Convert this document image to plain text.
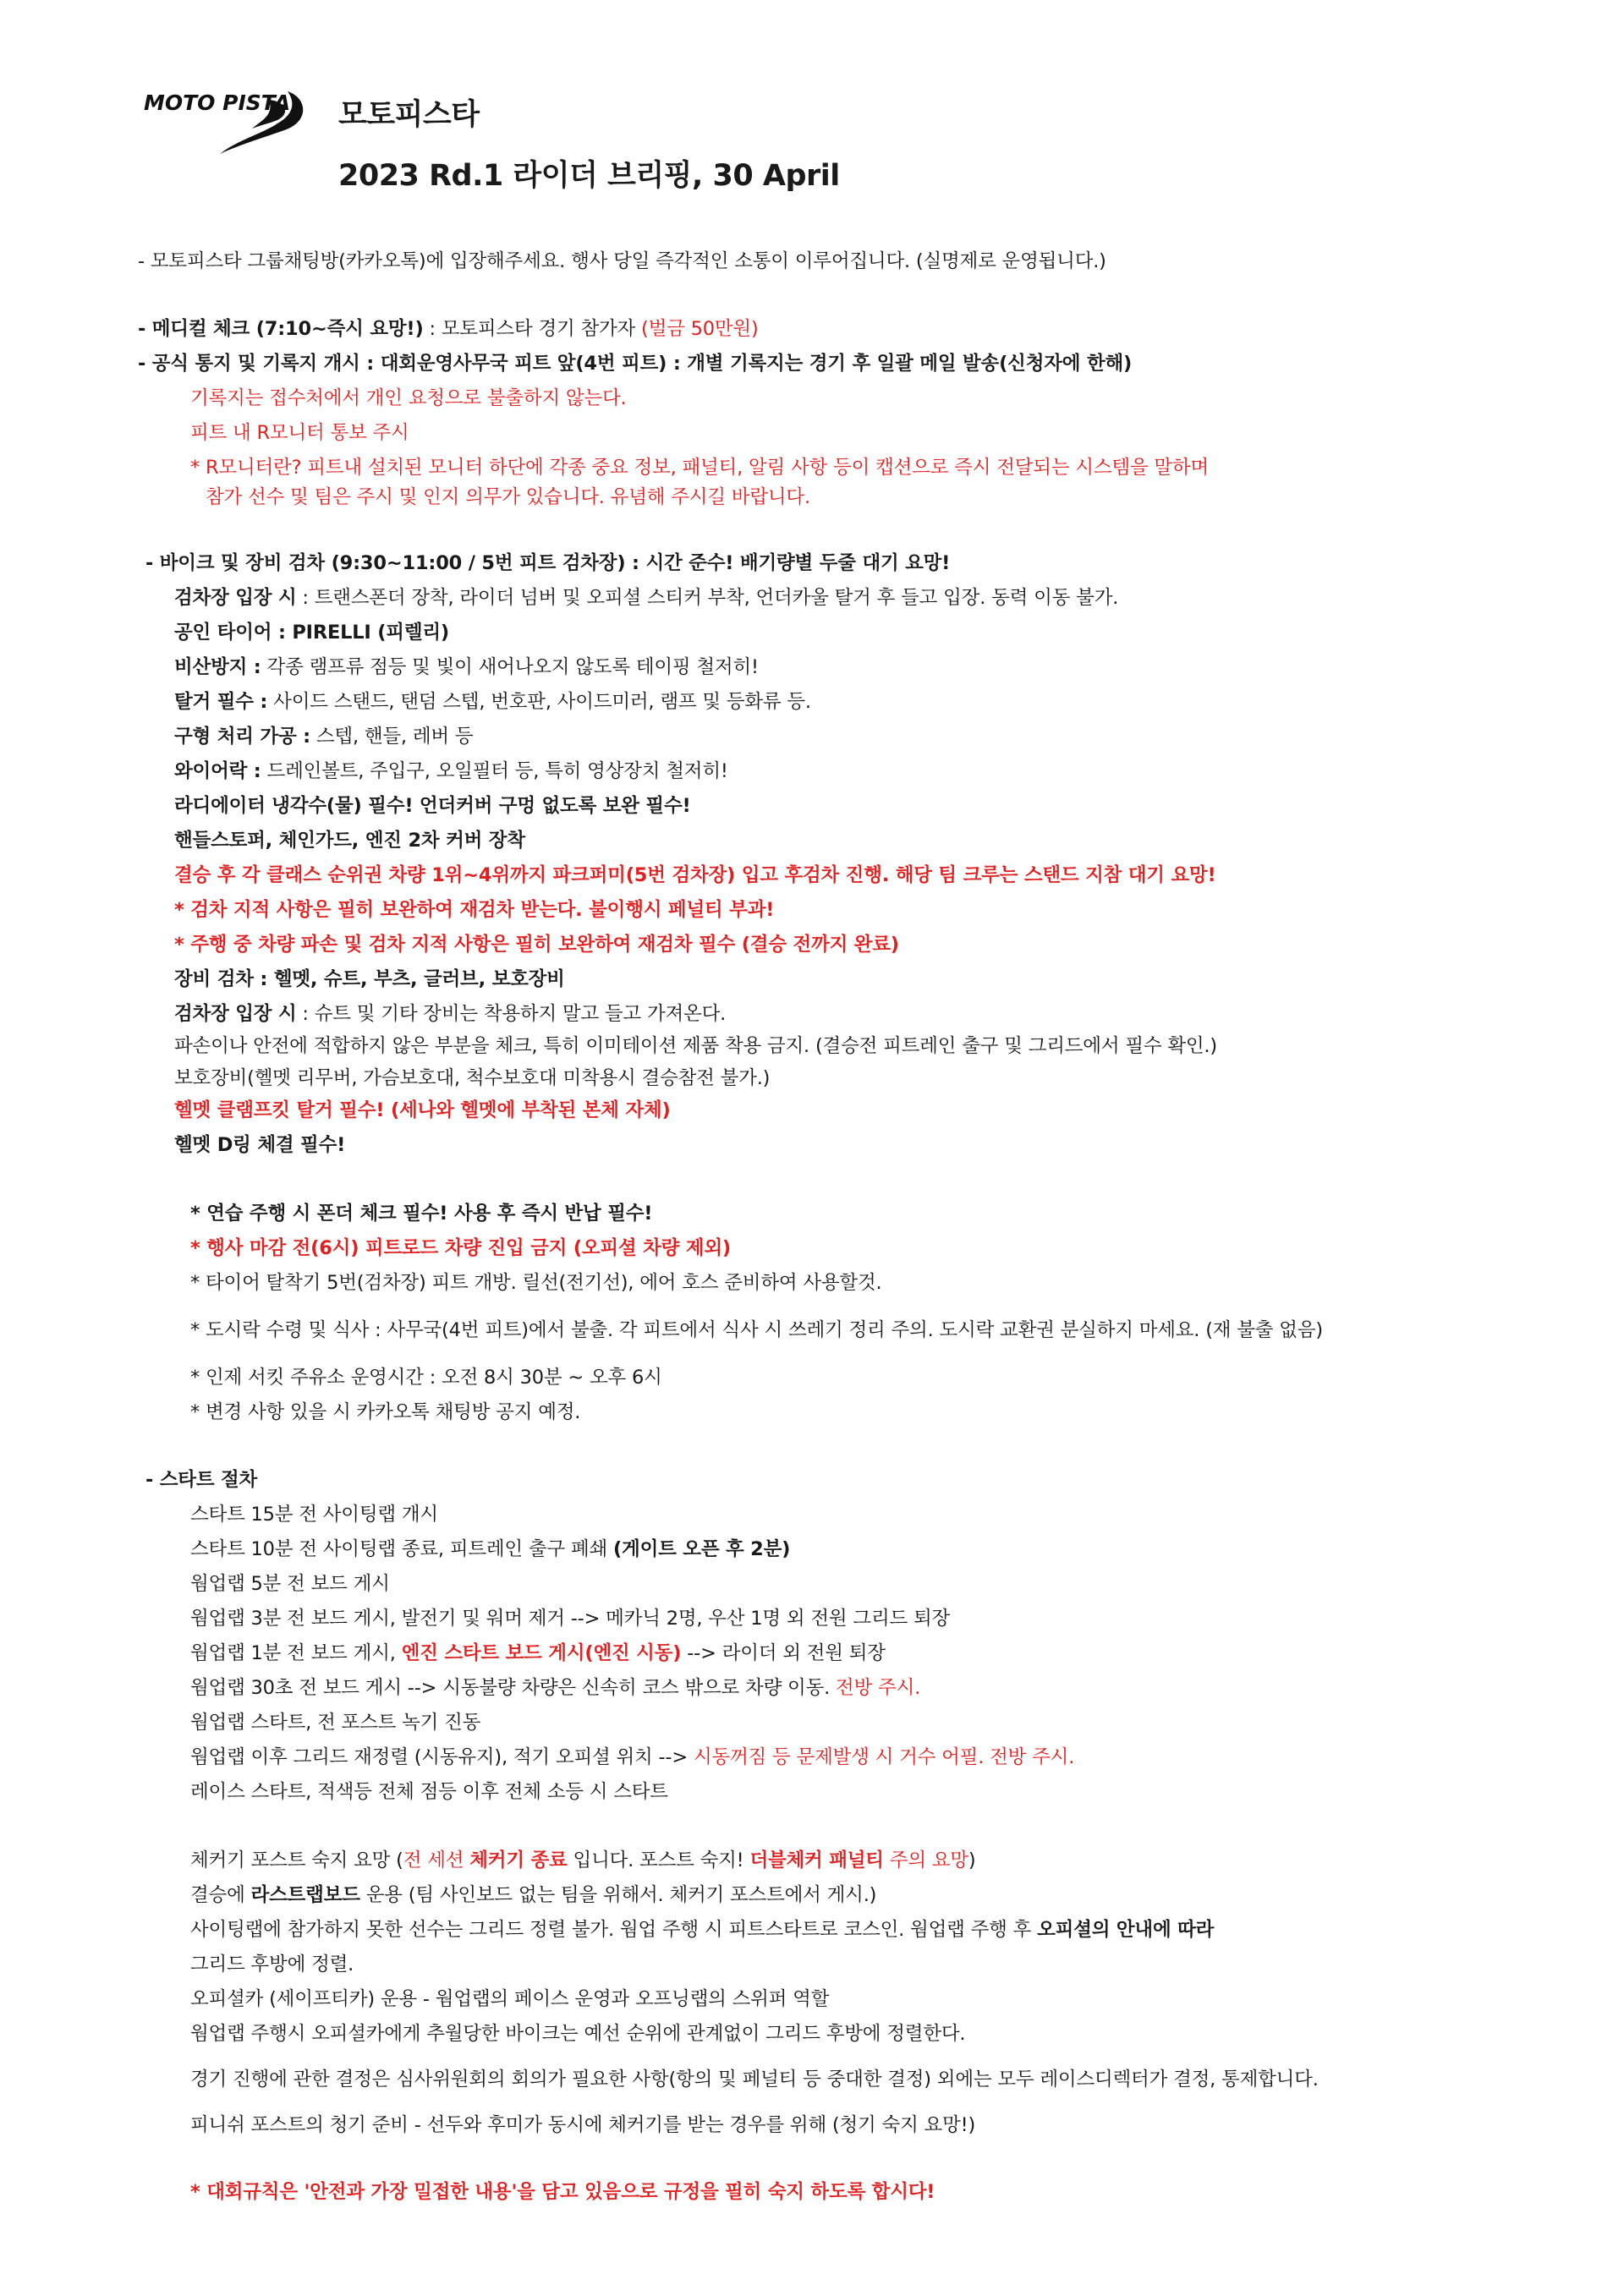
MOTO PISTA 모토피스타
2023 Rd.1 라이더 브리핑, 30 April
- 모토피스타 그룹채팅방(카카오톡)에 입장해주세요. 행사 당일 즉각적인 소통이 이루어집니다. (실명제로 운영됩니다.)
- 메디컬 체크 (7:10~즉시 요망!) : 모토피스타 경기 참가자 (벌금 50만원)
- 공식 통지 및 기록지 개시 : 대회운영사무국 피트 앞(4번 피트) : 개별 기록지는 경기 후 일괄 메일 발송(신청자에 한해)
기록지는 접수처에서 개인 요청으로 불출하지 않는다.
피트 내 R모니터 통보 주시
* R모니터란? 피트내 설치된 모니터 하단에 각종 중요 정보, 패널티, 알림 사항 등이 캡션으로 즉시 전달되는 시스템을 말하며
참가 선수 및 팀은 주시 및 인지 의무가 있습니다. 유념해 주시길 바랍니다.
- 바이크 및 장비 검차 (9:30~11:00 / 5번 피트 검차장) : 시간 준수! 배기량별 두줄 대기 요망!
검차장 입장 시 : 트랜스폰더 장착, 라이더 넘버 및 오피셜 스티커 부착, 언더카울 탈거 후 들고 입장. 동력 이동 불가.
공인 타이어 : PIRELLI (피렐리)
비산방지 : 각종 램프류 점등 및 빛이 새어나오지 않도록 테이핑 철저히!
탈거 필수 : 사이드 스탠드, 탠덤 스텝, 번호판, 사이드미러, 램프 및 등화류 등.
구형 처리 가공 : 스텝, 핸들, 레버 등
와이어락 : 드레인볼트, 주입구, 오일필터 등, 특히 영상장치 철저히!
라디에이터 냉각수(물) 필수! 언더커버 구멍 없도록 보완 필수!
핸들스토퍼, 체인가드, 엔진 2차 커버 장착
결승 후 각 클래스 순위권 차량 1위~4위까지 파크퍼미(5번 검차장) 입고 후검차 진행. 해당 팀 크루는 스탠드 지참 대기 요망!
* 검차 지적 사항은 필히 보완하여 재검차 받는다. 불이행시 페널티 부과!
* 주행 중 차량 파손 및 검차 지적 사항은 필히 보완하여 재검차 필수 (결승 전까지 완료)
장비 검차 : 헬멧, 슈트, 부츠, 글러브, 보호장비
검차장 입장 시 : 슈트 및 기타 장비는 착용하지 말고 들고 가져온다.
파손이나 안전에 적합하지 않은 부분을 체크, 특히 이미테이션 제품 착용 금지. (결승전 피트레인 출구 및 그리드에서 필수 확인.)
보호장비(헬멧 리무버, 가슴보호대, 척수보호대 미착용시 결승참전 불가.)
헬멧 클램프킷 탈거 필수! (세나와 헬멧에 부착된 본체 자체)
헬멧 D링 체결 필수!
* 연습 주행 시 폰더 체크 필수! 사용 후 즉시 반납 필수!
* 행사 마감 전(6시) 피트로드 차량 진입 금지 (오피셜 차량 제외)
* 타이어 탈착기 5번(검차장) 피트 개방. 릴선(전기선), 에어 호스 준비하여 사용할것.
* 도시락 수령 및 식사 : 사무국(4번 피트)에서 불출. 각 피트에서 식사 시 쓰레기 정리 주의. 도시락 교환권 분실하지 마세요. (재 불출 없음)
* 인제 서킷 주유소 운영시간 : 오전 8시 30분 ~ 오후 6시
* 변경 사항 있을 시 카카오톡 채팅방 공지 예정.
- 스타트 절차
스타트 15분 전 사이팅랩 개시
스타트 10분 전 사이팅랩 종료, 피트레인 출구 폐쇄 (게이트 오픈 후 2분)
웜업랩 5분 전 보드 게시
웜업랩 3분 전 보드 게시, 발전기 및 워머 제거 --> 메카닉 2명, 우산 1명 외 전원 그리드 퇴장
웜업랩 1분 전 보드 게시, 엔진 스타트 보드 게시(엔진 시동) --> 라이더 외 전원 퇴장
웜업랩 30초 전 보드 게시 --> 시동불량 차량은 신속히 코스 밖으로 차량 이동. 전방 주시.
웜업랩 스타트, 전 포스트 녹기 진동
웜업랩 이후 그리드 재정렬 (시동유지), 적기 오피셜 위치 --> 시동꺼짐 등 문제발생 시 거수 어필. 전방 주시.
레이스 스타트, 적색등 전체 점등 이후 전체 소등 시 스타트
체커기 포스트 숙지 요망 (전 세션 체커기 종료 입니다. 포스트 숙지! 더블체커 패널티 주의 요망)
결승에 라스트랩보드 운용 (팀 사인보드 없는 팀을 위해서. 체커기 포스트에서 게시.)
사이팅랩에 참가하지 못한 선수는 그리드 정렬 불가. 웜업 주행 시 피트스타트로 코스인. 웜업랩 주행 후 오피셜의 안내에 따라
그리드 후방에 정렬.
오피셜카 (세이프티카) 운용 - 웜업랩의 페이스 운영과 오프닝랩의 스위퍼 역할
웜업랩 주행시 오피셜카에게 추월당한 바이크는 예선 순위에 관계없이 그리드 후방에 정렬한다.
경기 진행에 관한 결정은 심사위원회의 회의가 필요한 사항(항의 및 페널티 등 중대한 결정) 외에는 모두 레이스디렉터가 결정, 통제합니다.
피니쉬 포스트의 청기 준비 - 선두와 후미가 동시에 체커기를 받는 경우를 위해 (청기 숙지 요망!)
* 대회규칙은 '안전과 가장 밀접한 내용'을 담고 있음으로 규정을 필히 숙지 하도록 합시다!
